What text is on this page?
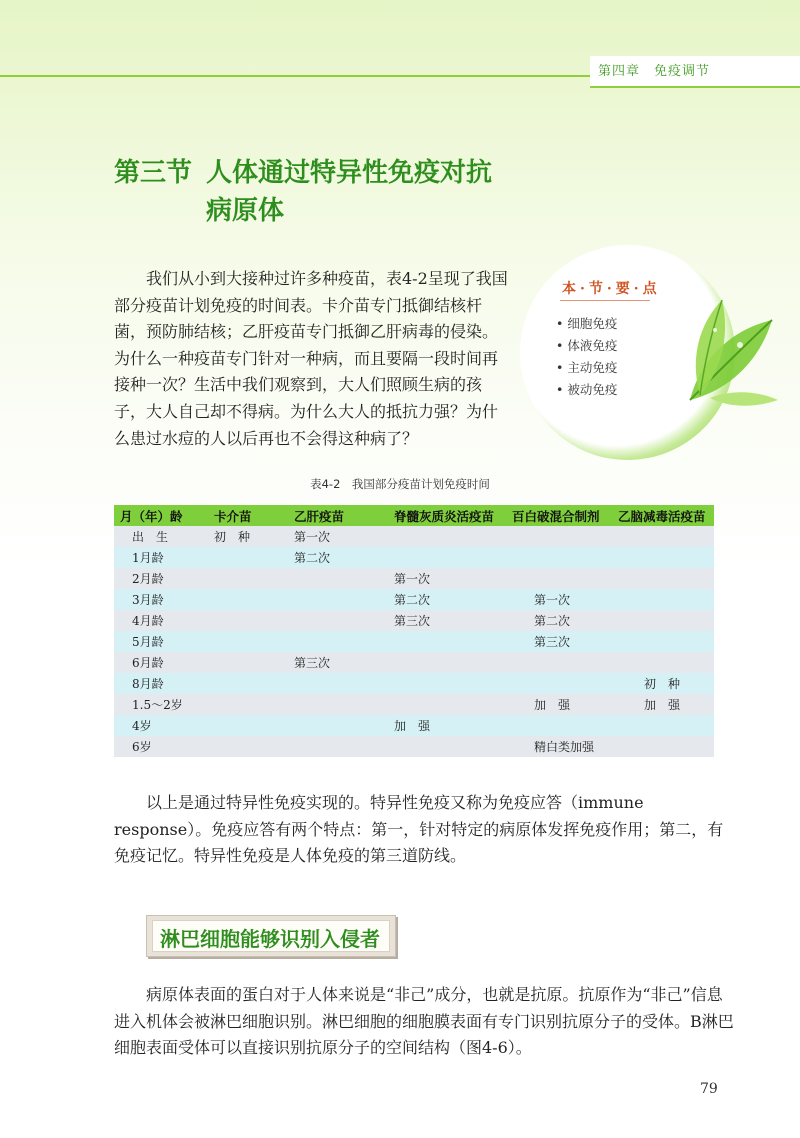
第四章 免疫调节
第三节 人体通过特异性免疫对抗
病原体

我们从小到大接种过许多种疫苗，表4-2呈现了我国部分疫苗计划免疫的时间表。卡介苗专门抵御结核杆菌，预防肺结核；乙肝疫苗专门抵御乙肝病毒的侵染。为什么一种疫苗专门针对一种病，而且要隔一段时间再接种一次？生活中我们观察到，大人们照顾生病的孩子，大人自己却不得病。为什么大人的抵抗力强？为什么患过水痘的人以后再也不会得这种病了？

本·节·要·点
• 细胞免疫
• 体液免疫
• 主动免疫
• 被动免疫
表4-2　我国部分疫苗计划免疫时间
月（年）龄	卡介苗	乙肝疫苗	脊髓灰质炎活疫苗	百白破混合制剂	乙脑减毒活疫苗
出　生	初　种	第一次			
1月龄		第二次			
2月龄			第一次		
3月龄			第二次	第一次	
4月龄			第三次	第二次	
5月龄				第三次	
6月龄		第三次			
8月龄					初　种
1.5～2岁				加　强	加　强
4岁			加　强		
6岁				精白类加强	

以上是通过特异性免疫实现的。特异性免疫又称为免疫应答（immune response）。免疫应答有两个特点：第一，针对特定的病原体发挥免疫作用；第二，有免疫记忆。特异性免疫是人体免疫的第三道防线。

淋巴细胞能够识别入侵者

病原体表面的蛋白对于人体来说是“非己”成分，也就是抗原。抗原作为“非己”信息进入机体会被淋巴细胞识别。淋巴细胞的细胞膜表面有专门识别抗原分子的受体。B淋巴细胞表面受体可以直接识别抗原分子的空间结构（图4-6）。

79
